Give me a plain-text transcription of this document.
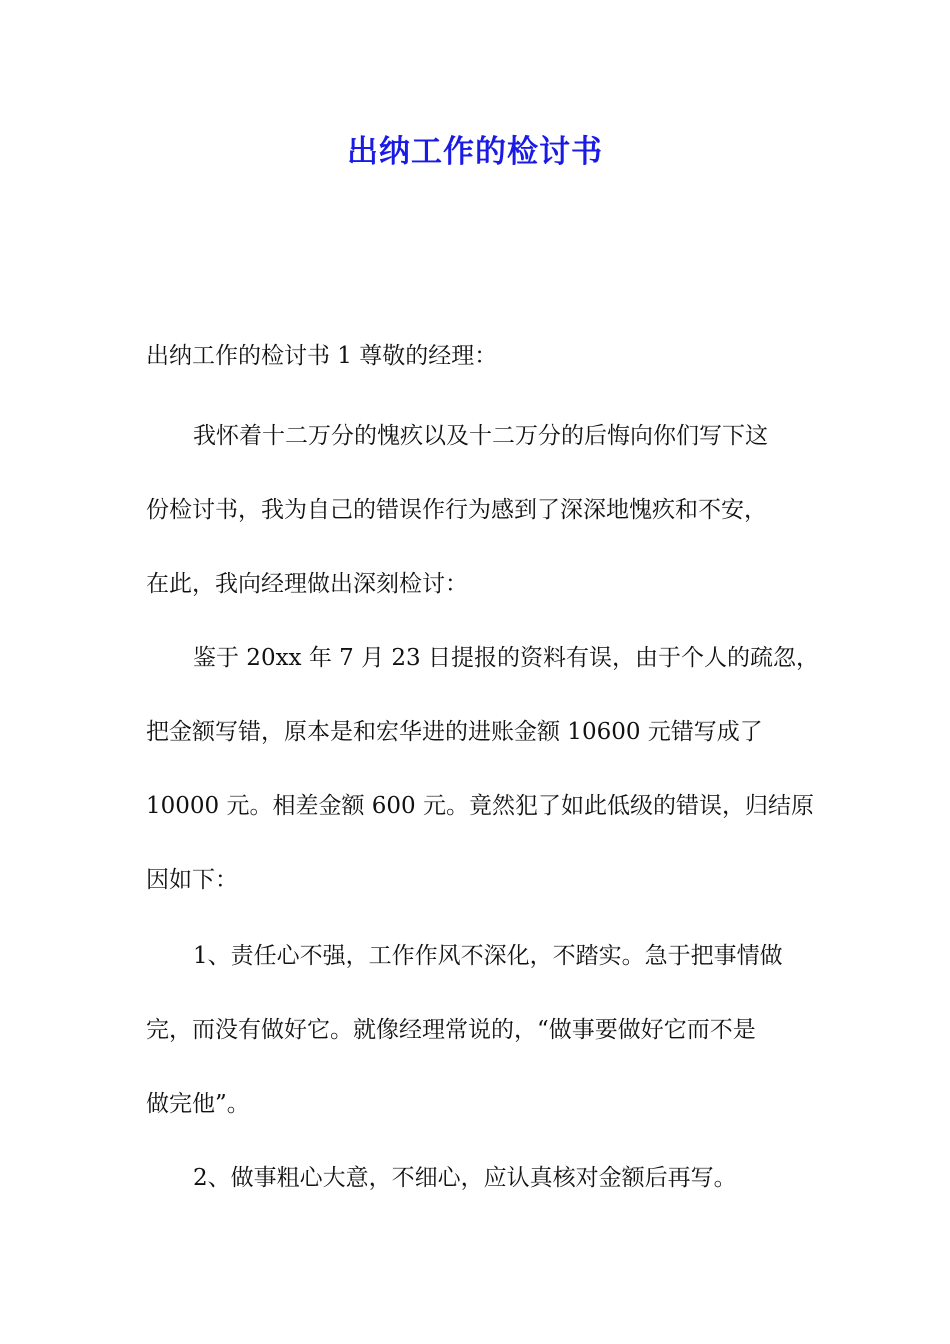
出纳工作的检讨书

出纳工作的检讨书 1 尊敬的经理：

我怀着十二万分的愧疚以及十二万分的后悔向你们写下这

份检讨书，我为自己的错误作行为感到了深深地愧疚和不安，

在此，我向经理做出深刻检讨：

鉴于 20xx 年 7 月 23 日提报的资料有误，由于个人的疏忽，

把金额写错，原本是和宏华进的进账金额 10600 元错写成了

10000 元。相差金额 600 元。竟然犯了如此低级的错误，归结原

因如下：

1、责任心不强，工作作风不深化，不踏实。急于把事情做

完，而没有做好它。就像经理常说的，“做事要做好它而不是

做完他”。

2、做事粗心大意，不细心，应认真核对金额后再写。
